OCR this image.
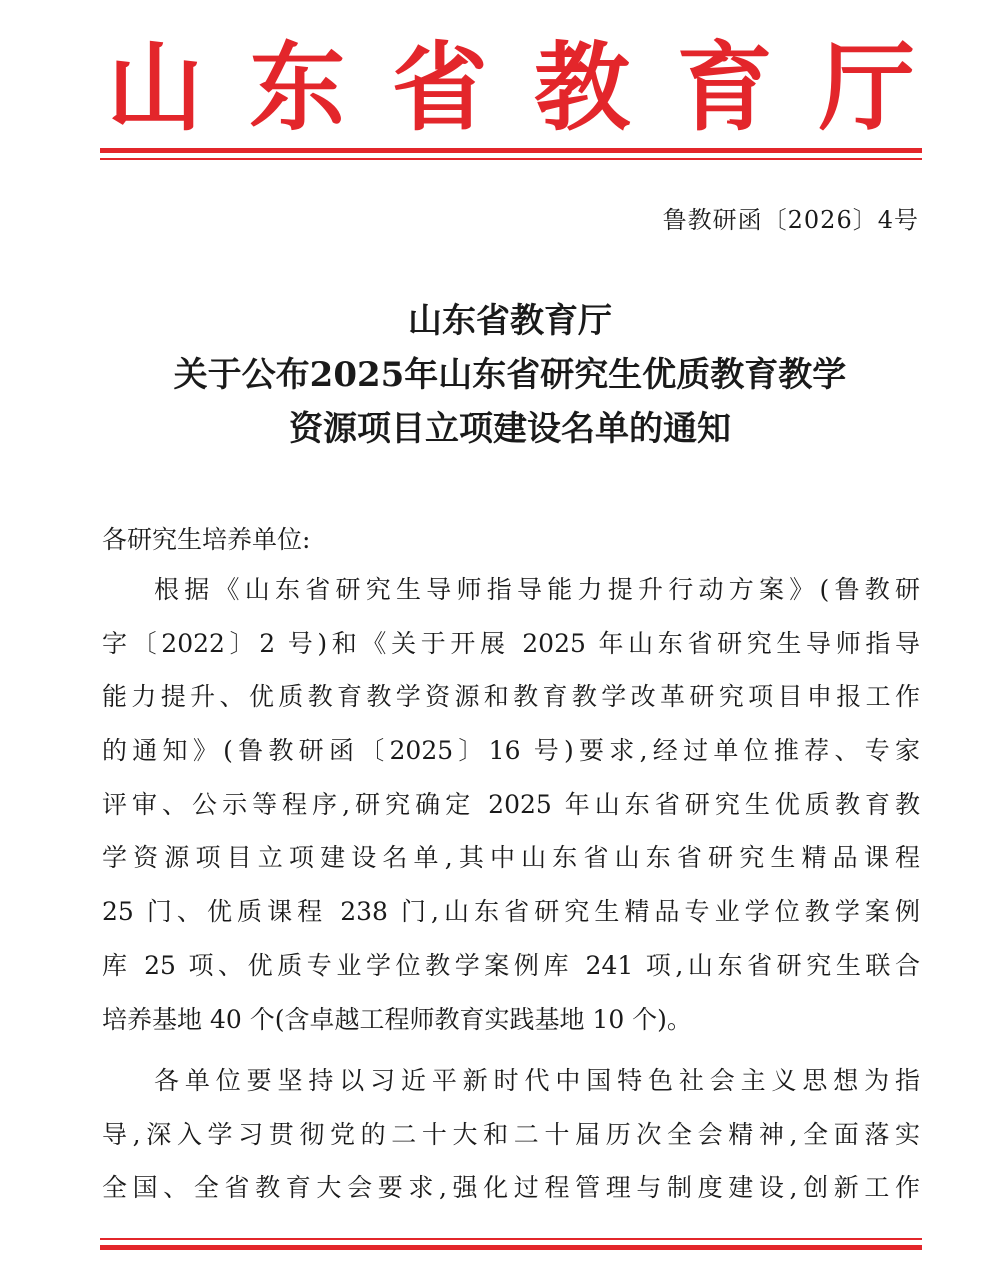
山 东 省 教 育 厅
鲁教研函〔2026〕4号
山东省教育厅
关于公布2025年山东省研究生优质教育教学
资源项目立项建设名单的通知
各研究生培养单位:
根据《山东省研究生导师指导能力提升行动方案》(鲁教研
字〔2022〕2 号)和《关于开展 2025 年山东省研究生导师指导
能力提升、优质教育教学资源和教育教学改革研究项目申报工作
的通知》(鲁教研函〔2025〕16 号)要求,经过单位推荐、专家
评审、公示等程序,研究确定 2025 年山东省研究生优质教育教
学资源项目立项建设名单,其中山东省山东省研究生精品课程
25 门、优质课程 238 门,山东省研究生精品专业学位教学案例
库 25 项、优质专业学位教学案例库 241 项,山东省研究生联合
培养基地 40 个(含卓越工程师教育实践基地 10 个)。
各单位要坚持以习近平新时代中国特色社会主义思想为指
导,深入学习贯彻党的二十大和二十届历次全会精神,全面落实
全国、全省教育大会要求,强化过程管理与制度建设,创新工作
